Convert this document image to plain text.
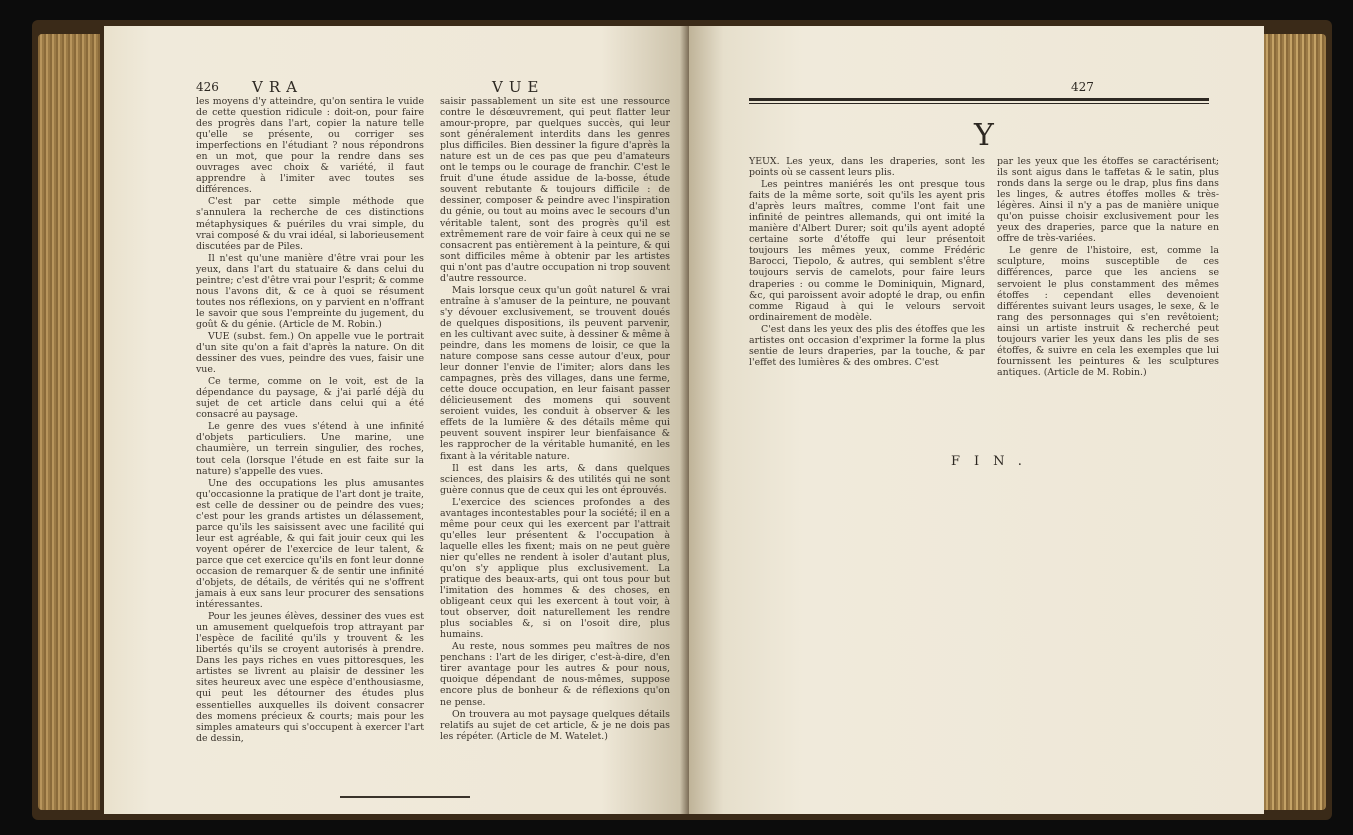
426 VRA	VUE

les moyens d'y atteindre, qu'on sentira le vuide de cette question ridicule : doit-on, pour faire des progrès dans l'art, copier la nature telle qu'elle se présente, ou corriger ses imperfections en l'étudiant ? nous répondrons en un mot, que pour la rendre dans ses ouvrages avec choix & variété, il faut apprendre à l'imiter avec toutes ses différences.

C'est par cette simple méthode que s'annulera la recherche de ces distinctions métaphysiques & puériles du vrai simple, du vrai composé & du vrai idéal, si laborieusement discutées par de Piles.

Il n'est qu'une manière d'être vrai pour les yeux, dans l'art du statuaire & dans celui du peintre; c'est d'être vrai pour l'esprit; & comme nous l'avons dit, & ce à quoi se résument toutes nos réflexions, on y parvient en n'offrant le savoir que sous l'empreinte du jugement, du goût & du génie. (Article de M. Robin.)

VUE (subst. fem.) On appelle vue le portrait d'un site qu'on a fait d'après la nature. On dit dessiner des vues, peindre des vues, faisir une vue.

Ce terme, comme on le voit, est de la dépendance du paysage, & j'ai parlé déjà du sujet de cet article dans celui qui a été consacré au paysage.

Le genre des vues s'étend à une infinité d'objets particuliers. Une marine, une chaumière, un terrein singulier, des roches, tout cela (lorsque l'étude en est faite sur la nature) s'appelle des vues.

Une des occupations les plus amusantes qu'occasionne la pratique de l'art dont je traite, est celle de dessiner ou de peindre des vues; c'est pour les grands artistes un délassement, parce qu'ils les saisissent avec une facilité qui leur est agréable, & qui fait jouir ceux qui les voyent opérer de l'exercice de leur talent, & parce que cet exercice qu'ils en font leur donne occasion de remarquer & de sentir une infinité d'objets, de détails, de vérités qui ne s'offrent jamais à eux sans leur procurer des sensations intéressantes.

Pour les jeunes élèves, dessiner des vues est un amusement quelquefois trop attrayant par l'espèce de facilité qu'ils y trouvent & les libertés qu'ils se croyent autorisés à prendre. Dans les pays riches en vues pittoresques, les artistes se livrent au plaisir de dessiner les sites heureux avec une espèce d'enthousiasme, qui peut les détourner des études plus essentielles auxquelles ils doivent consacrer des momens précieux & courts; mais pour les simples amateurs qui s'occupent à exercer l'art de dessin,

saisir passablement un site est une ressource contre le désœuvrement, qui peut flatter leur amour-propre, par quelques succès, qui leur sont généralement interdits dans les genres plus difficiles. Bien dessiner la figure d'après la nature est un de ces pas que peu d'amateurs ont le temps ou le courage de franchir. C'est le fruit d'une étude assidue de la-bosse, étude souvent rebutante & toujours difficile : de dessiner, composer & peindre avec l'inspiration du génie, ou tout au moins avec le secours d'un véritable talent, sont des progrès qu'il est extrêmement rare de voir faire à ceux qui ne se consacrent pas entièrement à la peinture, & qui sont difficiles même à obtenir par les artistes qui n'ont pas d'autre occupation ni trop souvent d'autre ressource.

Mais lorsque ceux qu'un goût naturel & vrai entraîne à s'amuser de la peinture, ne pouvant s'y dévouer exclusivement, se trouvent doués de quelques dispositions, ils peuvent parvenir, en les cultivant avec suite, à dessiner & même à peindre, dans les momens de loisir, ce que la nature compose sans cesse autour d'eux, pour leur donner l'envie de l'imiter; alors dans les campagnes, près des villages, dans une ferme, cette douce occupation, en leur faisant passer délicieusement des momens qui souvent seroient vuides, les conduit à observer & les effets de la lumière & des détails même qui peuvent souvent inspirer leur bienfaisance & les rapprocher de la véritable humanité, en les fixant à la véritable nature.

Il est dans les arts, & dans quelques sciences, des plaisirs & des utilités qui ne sont guère connus que de ceux qui les ont éprouvés.

L'exercice des sciences profondes a des avantages incontestables pour la société; il en a même pour ceux qui les exercent par l'attrait qu'elles leur présentent & l'occupation à laquelle elles les fixent; mais on ne peut guère nier qu'elles ne rendent à isoler d'autant plus, qu'on s'y applique plus exclusivement. La pratique des beaux-arts, qui ont tous pour but l'imitation des hommes & des choses, en obligeant ceux qui les exercent à tout voir, à tout observer, doit naturellement les rendre plus sociables &, si on l'osoit dire, plus humains.

Au reste, nous sommes peu maîtres de nos penchans : l'art de les diriger, c'est-à-dire, d'en tirer avantage pour les autres & pour nous, quoique dépendant de nous-mêmes, suppose encore plus de bonheur & de réflexions qu'on ne pense.

On trouvera au mot paysage quelques détails relatifs au sujet de cet article, & je ne dois pas les répéter. (Article de M. Watelet.)

427
Y

YEUX. Les yeux, dans les draperies, sont les points où se cassent leurs plis.

Les peintres maniérés les ont presque tous faits de la même sorte, soit qu'ils les ayent pris d'après leurs maîtres, comme l'ont fait une infinité de peintres allemands, qui ont imité la manière d'Albert Durer; soit qu'ils ayent adopté certaine sorte d'étoffe qui leur présentoit toujours les mêmes yeux, comme Frédéric Barocci, Tiepolo, & autres, qui semblent s'être toujours servis de camelots, pour faire leurs draperies : ou comme le Dominiquin, Mignard, &c, qui paroissent avoir adopté le drap, ou enfin comme Rigaud à qui le velours servoit ordinairement de modèle.

C'est dans les yeux des plis des étoffes que les artistes ont occasion d'exprimer la forme la plus sentie de leurs draperies, par la touche, & par l'effet des lumières & des ombres. C'est

par les yeux que les étoffes se caractérisent; ils sont aigus dans le taffetas & le satin, plus ronds dans la serge ou le drap, plus fins dans les linges, & autres étoffes molles & très-légères. Ainsi il n'y a pas de manière unique qu'on puisse choisir exclusivement pour les yeux des draperies, parce que la nature en offre de très-variées.

Le genre de l'histoire, est, comme la sculpture, moins susceptible de ces différences, parce que les anciens se servoient le plus constamment des mêmes étoffes : cependant elles devenoient différentes suivant leurs usages, le sexe, & le rang des personnages qui s'en revêtoient; ainsi un artiste instruit & recherché peut toujours varier les yeux dans les plis de ses étoffes, & suivre en cela les exemples que lui fournissent les peintures & les sculptures antiques. (Article de M. Robin.)

FIN.
